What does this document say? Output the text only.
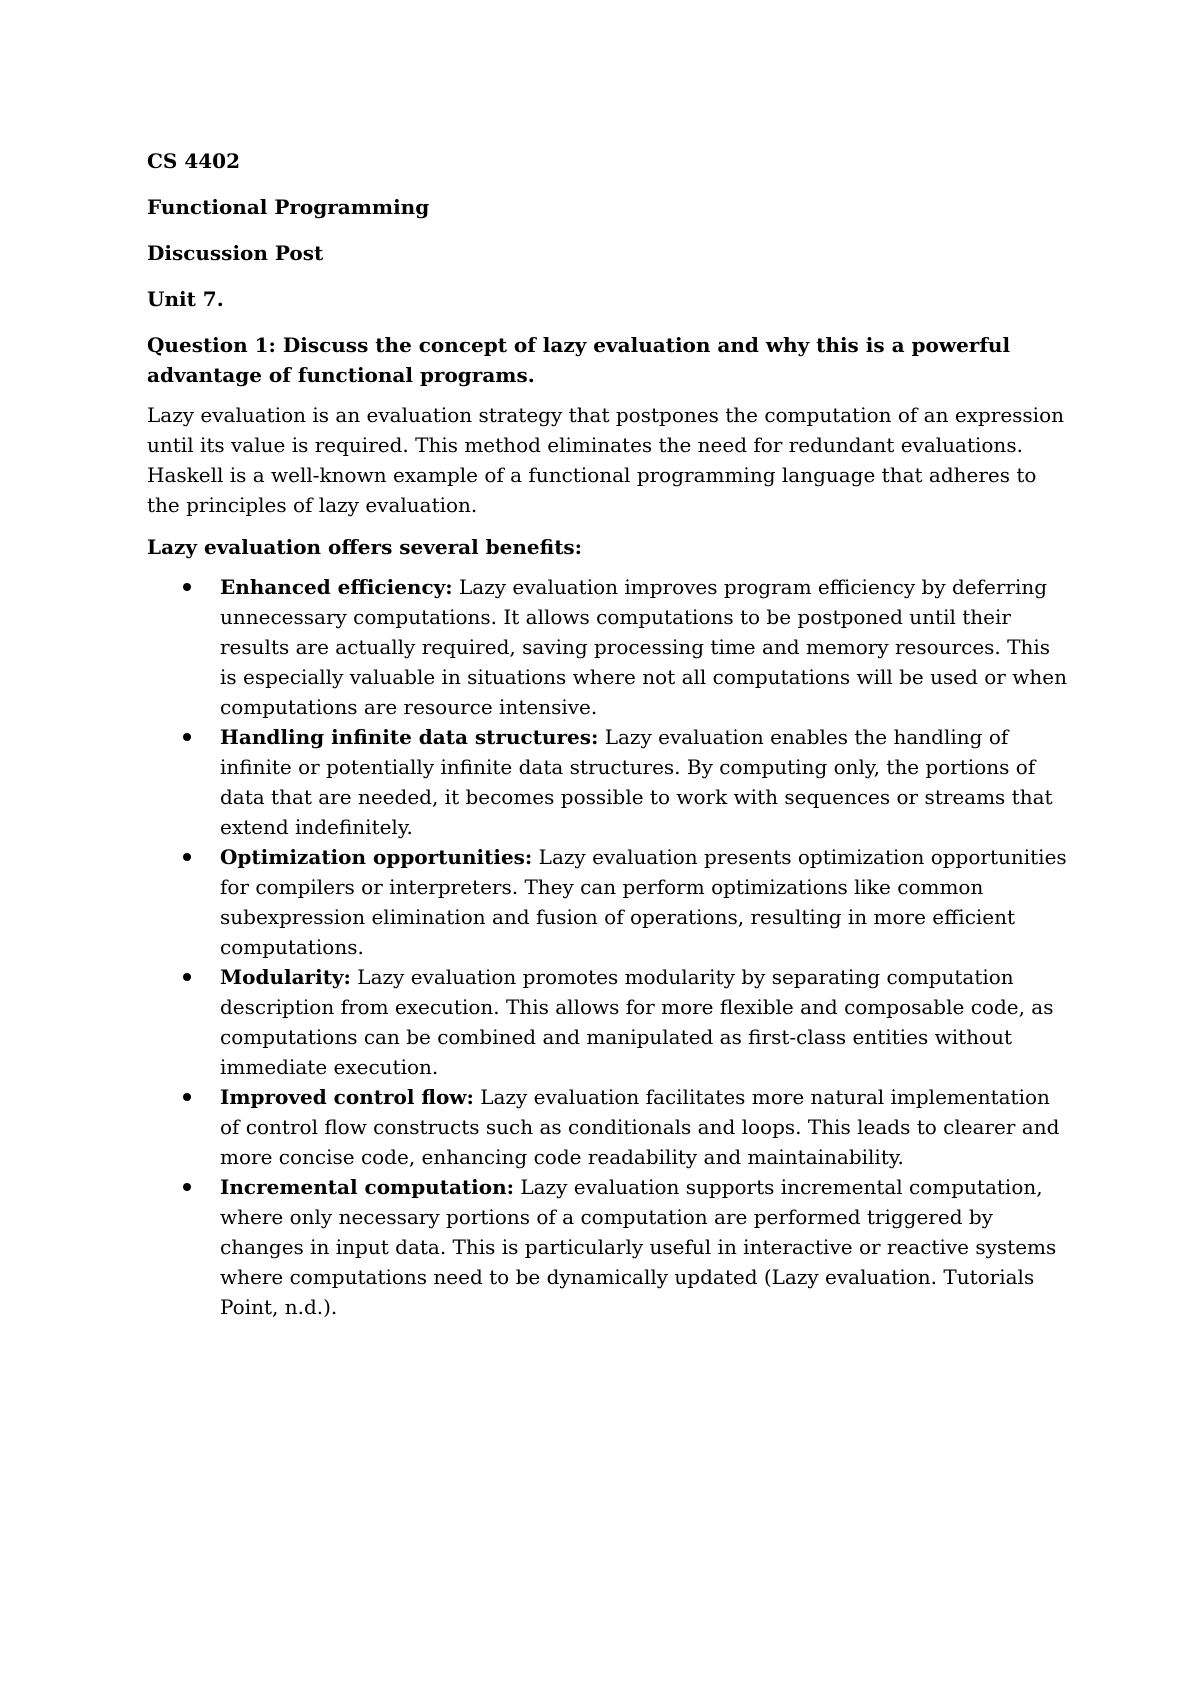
CS 4402

Functional Programming

Discussion Post

Unit 7.

Question 1: Discuss the concept of lazy evaluation and why this is a powerful advantage of functional programs.

Lazy evaluation is an evaluation strategy that postpones the computation of an expression until its value is required. This method eliminates the need for redundant evaluations. Haskell is a well-known example of a functional programming language that adheres to the principles of lazy evaluation.

Lazy evaluation offers several benefits:

Enhanced efficiency: Lazy evaluation improves program efficiency by deferring unnecessary computations. It allows computations to be postponed until their results are actually required, saving processing time and memory resources. This is especially valuable in situations where not all computations will be used or when computations are resource intensive.
Handling infinite data structures: Lazy evaluation enables the handling of infinite or potentially infinite data structures. By computing only, the portions of data that are needed, it becomes possible to work with sequences or streams that extend indefinitely.
Optimization opportunities: Lazy evaluation presents optimization opportunities for compilers or interpreters. They can perform optimizations like common subexpression elimination and fusion of operations, resulting in more efficient computations.
Modularity: Lazy evaluation promotes modularity by separating computation description from execution. This allows for more flexible and composable code, as computations can be combined and manipulated as first-class entities without immediate execution.
Improved control flow: Lazy evaluation facilitates more natural implementation of control flow constructs such as conditionals and loops. This leads to clearer and more concise code, enhancing code readability and maintainability.
Incremental computation: Lazy evaluation supports incremental computation, where only necessary portions of a computation are performed triggered by changes in input data. This is particularly useful in interactive or reactive systems where computations need to be dynamically updated (Lazy evaluation. Tutorials Point, n.d.).
